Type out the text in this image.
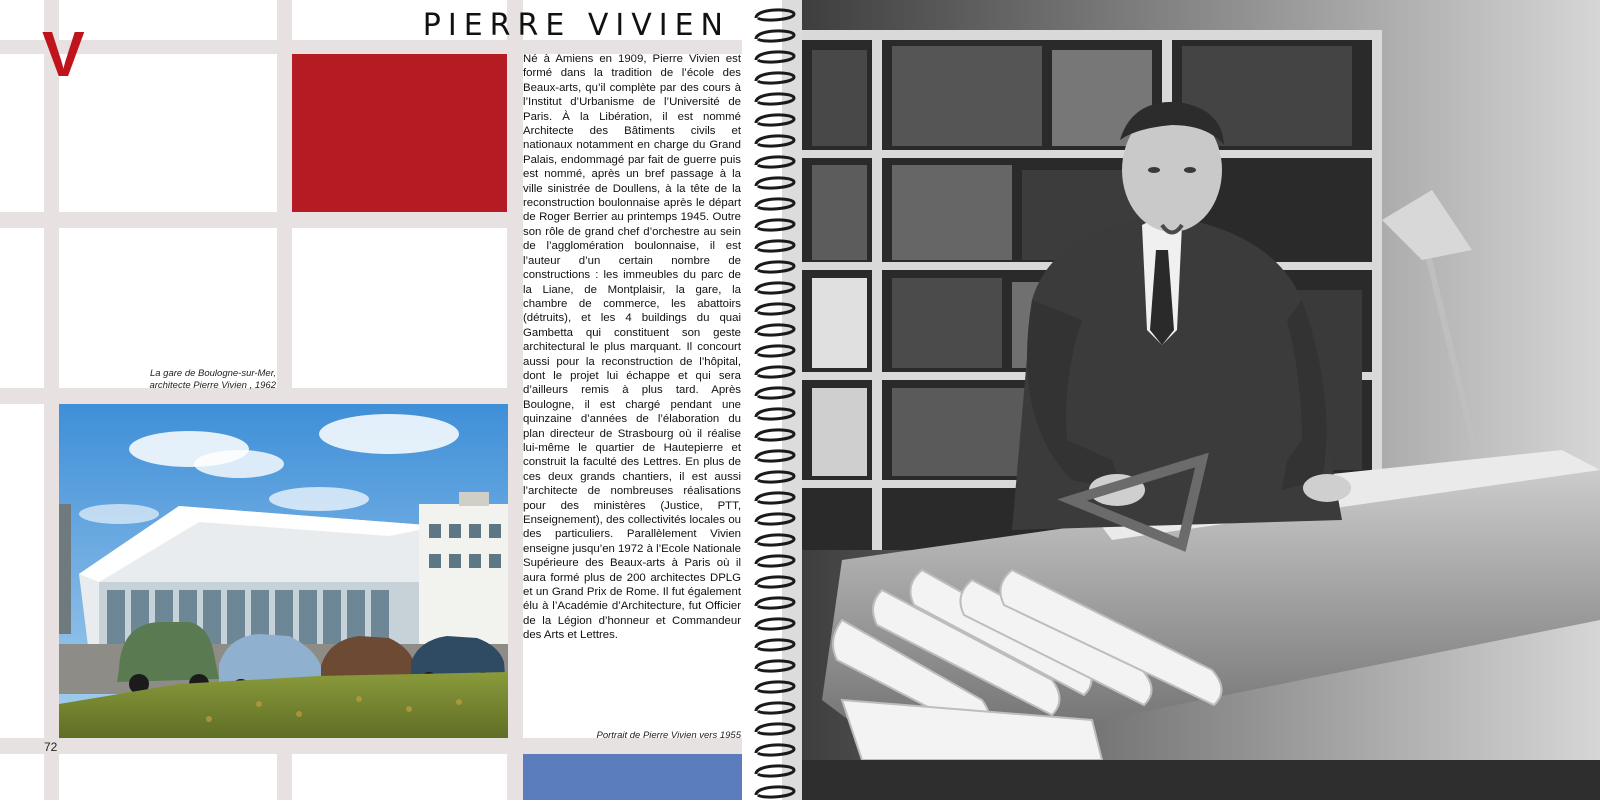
V	PIERRE VIVIEN
Né à Amiens en 1909, Pierre Vivien est formé dans la tradition de l’école des Beaux-arts, qu’il complète par des cours à l’Institut d’Urbanisme de l’Université de Paris. À la Libération, il est nommé Architecte des Bâtiments civils et nationaux notamment en charge du Grand Palais, endommagé par fait de guerre puis est nommé, après un bref passage à la ville sinistrée de Doullens, à la tête de la reconstruction boulonnaise après le départ de Roger Berrier au printemps 1945. Outre son rôle de grand chef d’orchestre au sein de l’agglomération boulonnaise, il est l’auteur d’un certain nombre de constructions : les immeubles du parc de la Liane, de Montplaisir, la gare, la chambre de commerce, les abattoirs (détruits), et les 4 buildings du quai Gambetta qui constituent son geste architectural le plus marquant. Il concourt aussi pour la reconstruction de l’hôpital, dont le projet lui échappe et qui sera d’ailleurs remis à plus tard. Après Boulogne, il est chargé pendant une quinzaine d’années de l’élaboration du plan directeur de Strasbourg où il réalise lui-même le quartier de Hautepierre et construit la faculté des Lettres. En plus de ces deux grands chantiers, il est aussi l’architecte de nombreuses réalisations pour des ministères (Justice, PTT, Enseignement), des collectivités locales ou des particuliers. Parallèlement Vivien enseigne jusqu’en 1972 à l’Ecole Nationale Supérieure des Beaux-arts à Paris où il aura formé plus de 200 architectes DPLG et un Grand Prix de Rome. Il fut également élu à l’Académie d’Architecture, fut Officier de la Légion d’honneur et Commandeur des Arts et Lettres.
La gare de Boulogne-sur-Mer,
architecte Pierre Vivien , 1962
Portrait de Pierre Vivien vers 1955
72
